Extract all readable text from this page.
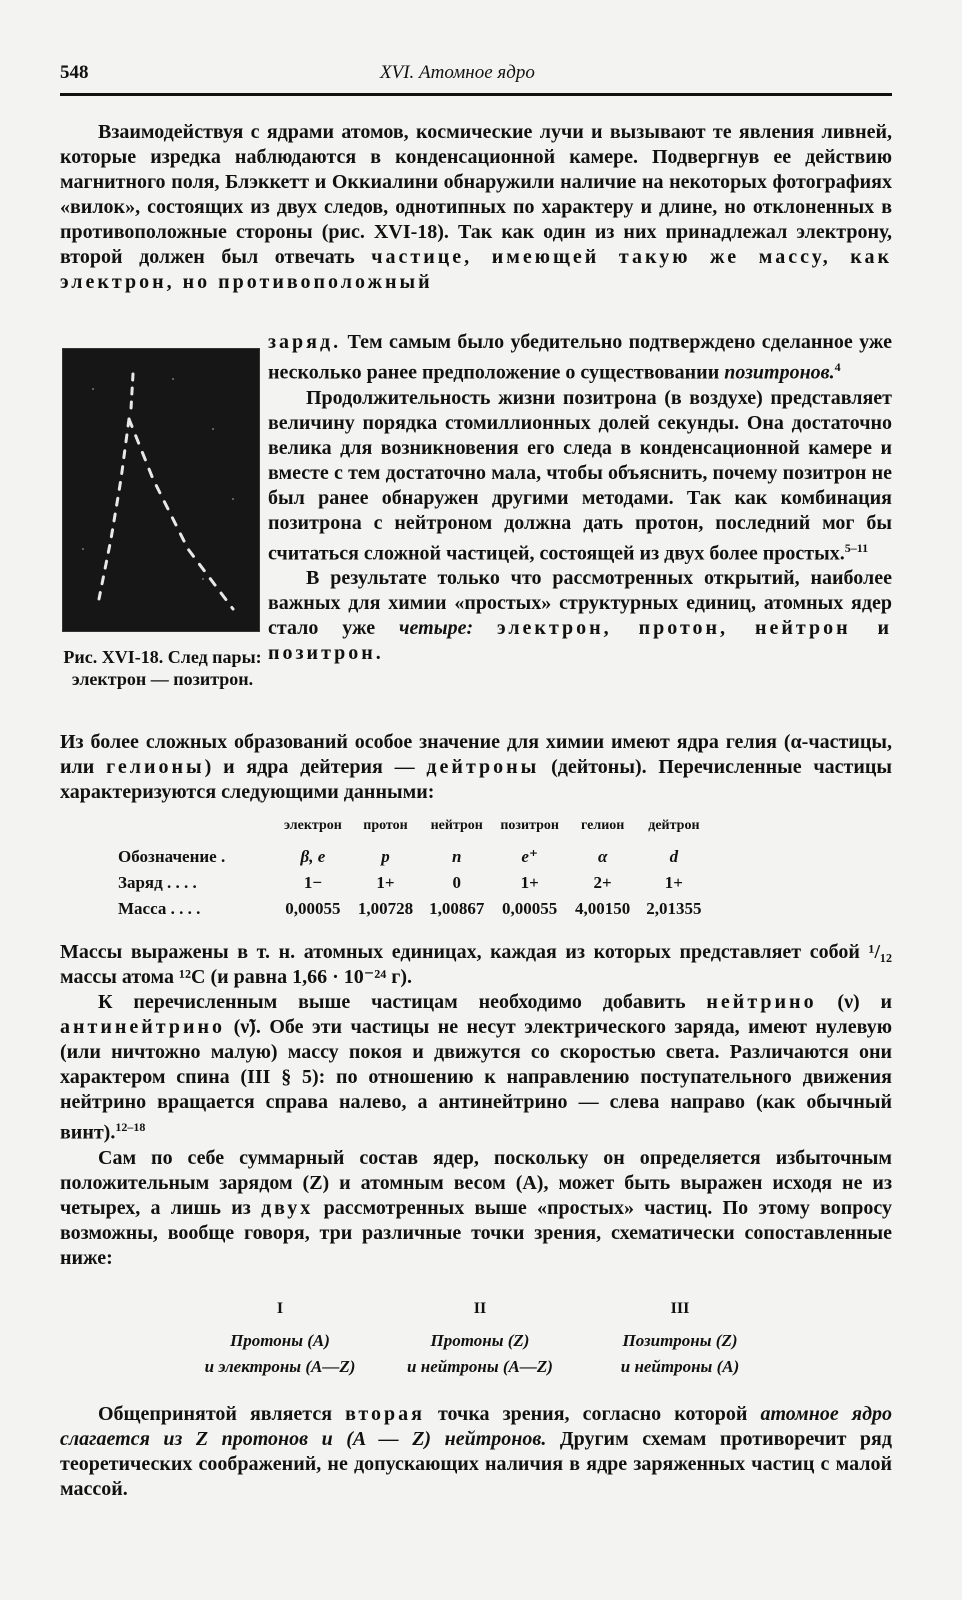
548	XVI. Атомное ядро

Взаимодействуя с ядрами атомов, космические лучи и вызывают те явления ливней, которые изредка наблюдаются в конденсационной камере. Подвергнув ее действию магнитного поля, Блэккетт и Оккиалини обнаружили наличие на некоторых фотографиях «вилок», состоящих из двух следов, однотипных по характеру и длине, но отклоненных в противоположные стороны (рис. XVI-18). Так как один из них принадлежал электрону, второй должен был отвечать частице, имеющей такую же массу, как электрон, но противоположный

Рис. XVI-18. След пары: электрон — позитрон.

заряд. Тем самым было убедительно подтверждено сделанное уже несколько ранее предположение о существовании позитронов.$^4$

Продолжительность жизни позитрона (в воздухе) представляет величину порядка стомиллионных долей секунды. Она достаточно велика для возникновения его следа в конденсационной камере и вместе с тем достаточно мала, чтобы объяснить, почему позитрон не был ранее обнаружен другими методами. Так как комбинация позитрона с нейтроном должна дать протон, последний мог бы считаться сложной частицей, состоящей из двух более простых.$^{5-11}$

В результате только что рассмотренных открытий, наиболее важных для химии «простых» структурных единиц, атомных ядер стало уже четыре: электрон, протон, нейтрон и позитрон.

Из более сложных образований особое значение для химии имеют ядра гелия (α-частицы, или гелионы) и ядра дейтерия — дейтроны (дейтоны). Перечисленные частицы характеризуются следующими данными:

	электрон	протон	нейтрон	позитрон	гелион	дейтрон
Обозначение .	β, e	p	n	e⁺	α	d
Заряд . . . .	1−	1+	0	1+	2+	1+
Масса . . . .	0,00055	1,00728	1,00867	0,00055	4,00150	2,01355

Массы выражены в т. н. атомных единицах, каждая из которых представляет собой ¹/₁₂ массы атома ¹²C (и равна 1,66 · 10⁻²⁴ г).

К перечисленным выше частицам необходимо добавить нейтрино (ν) и антинейтрино (ν̃). Обе эти частицы не несут электрического заряда, имеют нулевую (или ничтожно малую) массу покоя и движутся со скоростью света. Различаются они характером спина (III § 5): по отношению к направлению поступательного движения нейтрино вращается справа налево, а антинейтрино — слева направо (как обычный винт).$^{12-18}$

Сам по себе суммарный состав ядер, поскольку он определяется избыточным положительным зарядом (Z) и атомным весом (A), может быть выражен исходя не из четырех, а лишь из двух рассмотренных выше «простых» частиц. По этому вопросу возможны, вообще говоря, три различные точки зрения, схематически сопоставленные ниже:

I
Протоны (A)
и электроны (A—Z)
II
Протоны (Z)
и нейтроны (A—Z)
III
Позитроны (Z)
и нейтроны (A)

Общепринятой является вторая точка зрения, согласно которой атомное ядро слагается из Z протонов и (A — Z) нейтронов. Другим схемам противоречит ряд теоретических соображений, не допускающих наличия в ядре заряженных частиц с малой массой.
